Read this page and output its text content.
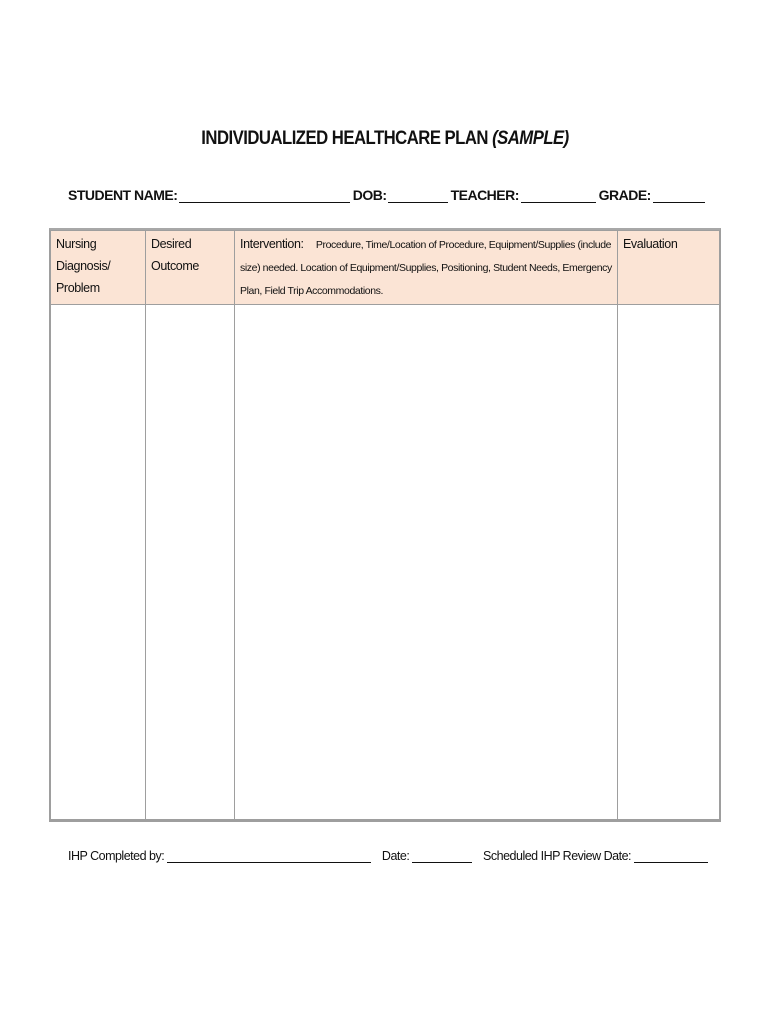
INDIVIDUALIZED HEALTHCARE PLAN (SAMPLE)
STUDENT NAME:	DOB:	TEACHER:	GRADE:
Nursing Diagnosis/ Problem	Desired Outcome	Intervention: Procedure, Time/Location of Procedure, Equipment/Supplies (include size) needed. Location of Equipment/Supplies, Positioning, Student Needs, Emergency Plan, Field Trip Accommodations.	Evaluation

IHP Completed by:	Date:	Scheduled IHP Review Date:
